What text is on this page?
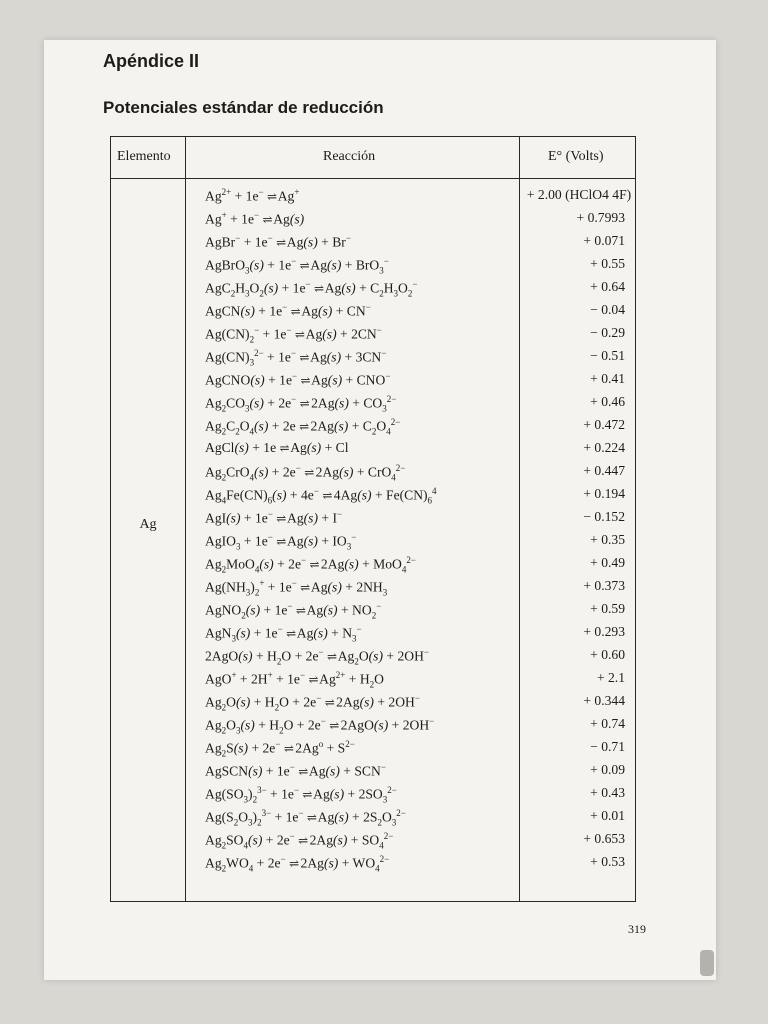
Apéndice II
Potenciales estándar de reducción
Elemento	Reacción	E° (Volts)
Ag
$Ag^{2+} + 1e^-$ ⇌ Ag+	+ 2.00 (HClO4 4F)
Ag+ + 1e− ⇌ Ag(s)	+ 0.7993
AgBr− + 1e− ⇌ Ag(s) + Br−	+ 0.071
AgBrO$_3$(s) + 1e− ⇌ Ag(s) + BrO$_3$−	+ 0.55
$AgC_2H_3O_2(s) + 1e^-$ ⇌ $Ag(s) + C_2H_3O_2^-$	+ 0.64
AgCN(s) + 1e− ⇌ Ag(s) + CN−	− 0.04
$Ag(CN)_2^- + 1e^-$ ⇌ Ag(s) + 2CN−	− 0.29
$Ag(CN)_3^{2-} + 1e^-$ ⇌ Ag(s) + 3CN−	− 0.51
AgCNO(s) + 1e− ⇌ Ag(s) + CNO−	+ 0.41
$Ag_2CO_3(s) + 2e^-$ ⇌ $2Ag(s) + CO_3^{2-}$	+ 0.46
$Ag_2C_2O_4(s) + 2e$ ⇌ $2Ag(s) + C_2O_4^{2-}$	+ 0.472
AgCl(s) + 1e ⇌ Ag(s) + Cl	+ 0.224
$Ag_2CrO_4(s) + 2e^-$ ⇌ 2Ag(s) + CrO$_4^{2-}$	+ 0.447
$Ag_4Fe(CN)_6(s) + 4e^-$ ⇌ $4Ag(s) + Fe(CN)_6^4$	+ 0.194
AgI(s) + 1e− ⇌ Ag(s) + I−	− 0.152
AgIO$_3$ + 1e− ⇌ $Ag(s) + IO_3^-$	+ 0.35
$Ag_2MoO_4(s) + 2e^-$ ⇌ 2Ag(s) + MoO$_4^{2-}$	+ 0.49
$Ag(NH_3)_2^+ + 1e^-$ ⇌ $Ag(s) + 2NH_3$	+ 0.373
AgNO$_2$(s) + 1e− ⇌ $Ag(s) + NO_2^-$	+ 0.59
AgN$_3$(s) + 1e− ⇌ $Ag(s) + N_3^-$	+ 0.293
$2AgO(s) + H_2O + 2e^-$ ⇌ $Ag_2O(s) + 2OH^-$	+ 0.60
AgO+ + 2H+ + 1e− ⇌ $Ag^{2+} + H_2O$	+ 2.1
$Ag_2O(s) + H_2O + 2e^-$ ⇌ 2Ag(s) + 2OH−	+ 0.344
$Ag_2O_3(s) + H_2O + 2e^-$ ⇌ 2AgO(s) + 2OH−	+ 0.74
$Ag_2S(s) + 2e^-$ ⇌ $2Ag^o + S^{2-}$	− 0.71
AgSCN(s) + 1e− ⇌ Ag(s) + SCN−	+ 0.09
$Ag(SO_3)_2^{3-} + 1e^-$ ⇌ $Ag(s) + 2SO_3^{2-}$	+ 0.43
$Ag(S_2O_3)_2^{3-} + 1e^-$ ⇌ $Ag(s) + 2S_2O_3^{2-}$	+ 0.01
$Ag_2SO_4(s) + 2e^-$ ⇌ $2Ag(s) + SO_4^{2-}$	+ 0.653
$Ag_2WO_4 + 2e^-$ ⇌ $2Ag(s) + WO_4^{2-}$	+ 0.53

319
